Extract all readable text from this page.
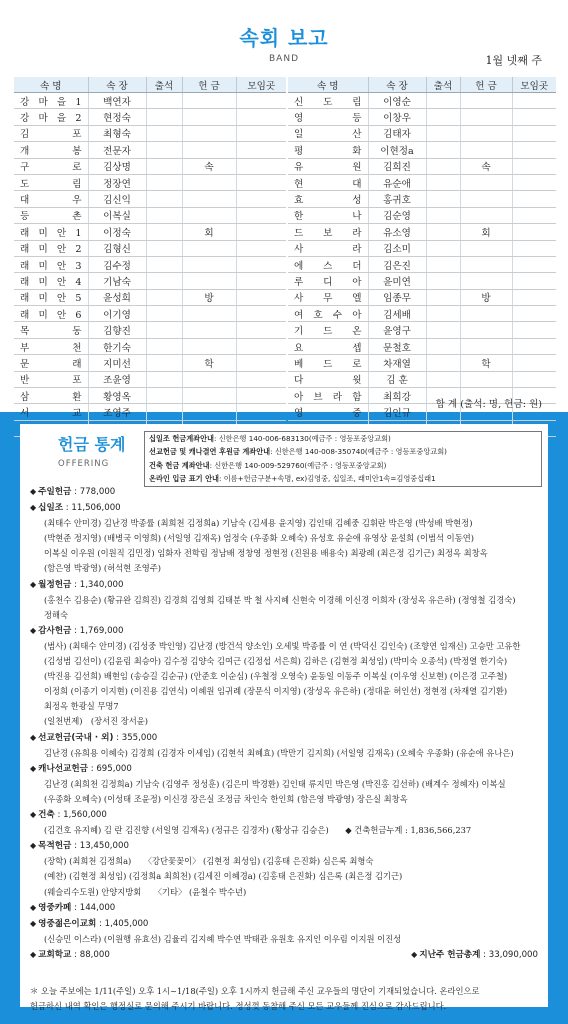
속회 보고
BAND	1월 넷째 주
속 명	속 장	출석	헌 금	모임곳
강 마 을 1	백연자			
강 마 을 2	현정숙			
김 포	최형숙			
개 봉	전문자			
구 로	김상명		속	
도 림	정장연			
대 우	김신익			
등 촌	이복실			
래 미 안 1	이정숙		회	
래 미 안 2	김형신			
래 미 안 3	김수정			
래 미 안 4	기남숙			
래 미 안 5	윤성희		방	
래 미 안 6	이기영			
목 동	김향진			
부 천	한기숙			
문 래	지미선		학	
반 포	조윤영			
삼 환	황영옥			
서 교	조영주			

속 명	속 장	출석	헌 금	모임곳
신 도 림	이영순			
영 등	이창우			
일 산	김태자			
평 화	이현정a			
유 원	김희진		속	
현 대	유순애			
효 성	홍귀호			
한 나	김순영			
드 보 라	유소영		회	
사 라	김소미			
에 스 더	김은진			
루 디 아	윤미연			
사 무 엘	임종무		방	
여 호 수 아	김세배			
기 드 온	윤영구			
요 셉	문철호			
베 드 로	차재열		학	
다 윗	김 훈			
아 브 라 함	최희강			
영 중	김인규			

합 계 (출석: 명, 헌금: 원)
헌금 통계
OFFERING
십일조 헌금계좌안내: 신한은행 140-006-683130(예금주 : 영등포중앙교회)
선교헌금 및 캐나결연 후원금 계좌안내: 신한은행 140-008-350740(예금주 : 영등포중앙교회)
건축 헌금 계좌안내: 신한은행 140-009-529760(예금주 : 영등포중앙교회)
온라인 입금 표기 안내: 이름+헌금구분+속명, ex)김영중, 십일조, 래미안1속=김영중십래1
◆ 주일헌금 : 778,000
◆ 십일조 : 11,506,000
(최태수 안미경) 김난경 박종률 (최희천 김정희a) 기남숙 (김세용 윤지영) 김인태 김혜중 김휘란 박은영 (박성배 박현정)
(박현준 정지영) (배병국 이영희) (서일영 김재옥) 엄정숙 (우종화 오혜숙) 유성호 유순애 유영상 윤설희 (이범석 이동연)
이복실 이우원 (이원직 김민정) 임화자 전학림 정남배 정창영 정현정 (진원용 배용숙) 최광례 (최은정 김기근) 최정옥 최창옥
(함은영 박광영) (허석현 조영주)
◆ 월정헌금 : 1,340,000
(홍천수 김용순) (황규완 김희진) 김경희 김영희 김태분 박 철 사지혜 신현숙 이경해 이신경 이희자 (장성옥 유은하) (정영철 김경숙)
정해숙
◆ 감사헌금 : 1,769,000
(범사) (최태수 안미경) (김성중 박인영) 김난경 (방건석 양소인) 오세빛 박종률 이 연 (박덕신 김인숙) (조향연 임재신) 고승만 고유한
(김성범 김선이) (김윤림 최승아) 김수정 김양숙 김여근 (김정섭 서은희) 김하은 (김현정 최성임) (박미숙 오종석) (박정열 한기숙)
(박진용 김선희) 배현임 (송승길 김순규) (안준호 이순심) (우철정 오영숙) 윤동일 이동주 이복실 (이우영 신보현) (이은경 고주철)
이정희 (이종기 이지현) (이진용 김연식) 이혜원 임귀례 (장문식 이지영) (장성옥 유은하) (정대윤 허인선) 정현정 (차재열 김기환)
최정옥 한광실 무명7
(일천번제)　(장서진 장서윤)
◆ 선교헌금(국내 · 외) : 355,000
김난경 (유희용 이혜숙) 김경희 (김경자 이세임) (김현석 최혜효) (박만기 김지희) (서일영 김재옥) (오혜숙 우종화) (유순애 유나은)
◆ 캐나선교헌금 : 695,000
김난경 (최희천 김정희a) 기남숙 (김영주 정성훈) (김은미 박경환) 김인태 류지민 박은영 (박진홍 김선하) (배계수 정혜자) 이복실
(우종화 오혜숙) (이성태 조윤정) 이신경 장은실 조정금 차인숙 한인희 (함은영 박광영) 장은실 최창옥
◆ 건축 : 1,560,000
(김건호 유지혜) 김 란 김진향 (서일영 김재옥) (정규은 김경자) (황상규 김승은)　　◆ 건축헌금누계 : 1,836,566,237
◆ 목적헌금 : 13,450,000
(장학) (최희천 김정희a)　　〈강단꽃꽂이〉 (김현정 최성임) (김홍태 은진화) 심은록 최형숙
(예찬) (김현정 최성임) (김정희a 최희천) (김세진 이혜경a) (김홍태 은진화) 심은록 (최은정 김기근)
(웨슬리수도원) 안양지방회　　〈기타〉 (윤철수 박수년)
◆ 영중카페 : 144,000
◆ 영중젊은이교회 : 1,405,000
(신승민 이스라) (이원행 유효선) 김율리 김지혜 박수연 박태관 유원호 유지인 이우림 이지원 이진성
◆ 교회학교 : 88,000	◆ 지난주 헌금총계 : 33,090,000
＊ 오늘 주보에는 1/11(주일) 오후 1시~1/18(주일) 오후 1시까지 헌금해 주신 교우들의 명단이 기재되었습니다. 온라인으로
헌금하신 내역 확인은 행정실로 문의해 주시기 바랍니다. 정성껏 동참해 주신 모든 교우들께 진심으로 감사드립니다.
